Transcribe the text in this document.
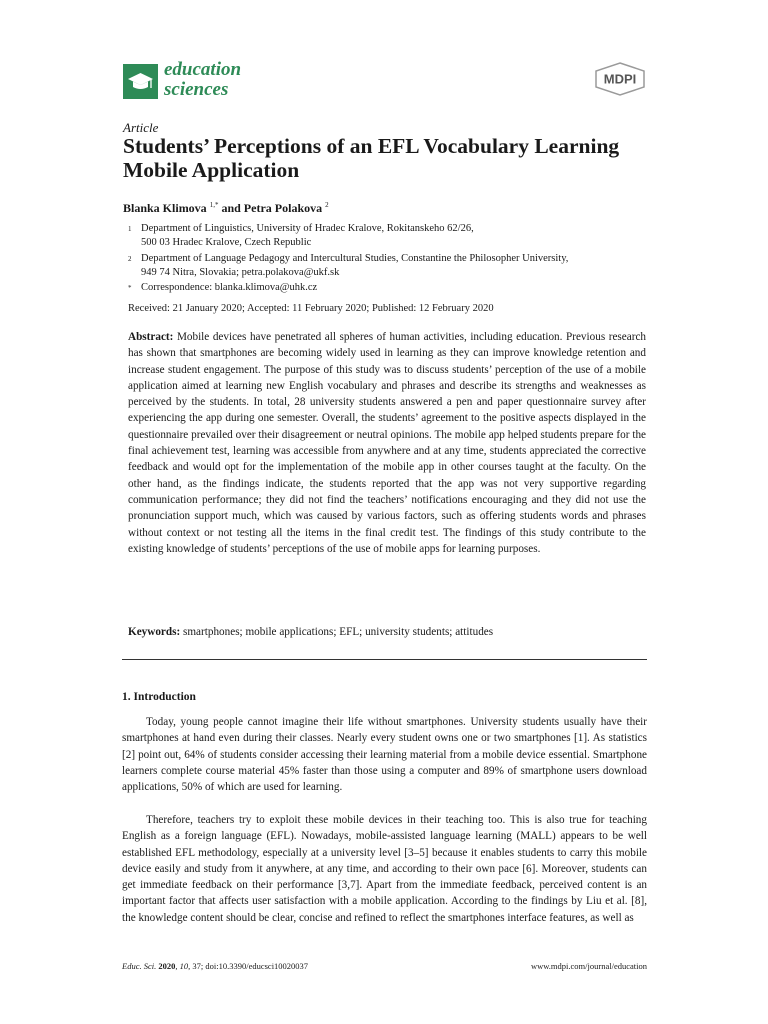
education
sciences	MDPI
Article
Students’ Perceptions of an EFL Vocabulary Learning Mobile Application
Blanka Klimova $^{1,*}$ and Petra Polakova $^2$
1 Department of Linguistics, University of Hradec Kralove, Rokitanskeho 62/26,
500 03 Hradec Kralove, Czech Republic
2 Department of Language Pedagogy and Intercultural Studies, Constantine the Philosopher University,
949 74 Nitra, Slovakia; petra.polakova@ukf.sk
* Correspondence: blanka.klimova@uhk.cz
Received: 21 January 2020; Accepted: 11 February 2020; Published: 12 February 2020
Abstract: Mobile devices have penetrated all spheres of human activities, including education. Previous research has shown that smartphones are becoming widely used in learning as they can improve knowledge retention and increase student engagement. The purpose of this study was to discuss students’ perception of the use of a mobile application aimed at learning new English vocabulary and phrases and describe its strengths and weaknesses as perceived by the students. In total, 28 university students answered a pen and paper questionnaire survey after experiencing the app during one semester. Overall, the students’ agreement to the positive aspects displayed in the questionnaire prevailed over their disagreement or neutral opinions. The mobile app helped students prepare for the final achievement test, learning was accessible from anywhere and at any time, students appreciated the corrective feedback and would opt for the implementation of the mobile app in other courses taught at the faculty. On the other hand, as the findings indicate, the students reported that the app was not very supportive regarding communication performance; they did not find the teachers’ notifications encouraging and they did not use the pronunciation support much, which was caused by various factors, such as offering students words and phrases without context or not testing all the items in the final credit test. The findings of this study contribute to the existing knowledge of students’ perceptions of the use of mobile apps for learning purposes.
Keywords: smartphones; mobile applications; EFL; university students; attitudes
1. Introduction
Today, young people cannot imagine their life without smartphones. University students usually have their smartphones at hand even during their classes. Nearly every student owns one or two smartphones [1]. As statistics [2] point out, 64% of students consider accessing their learning material from a mobile device essential. Smartphone learners complete course material 45% faster than those using a computer and 89% of smartphone users download applications, 50% of which are used for learning.
Therefore, teachers try to exploit these mobile devices in their teaching too. This is also true for teaching English as a foreign language (EFL). Nowadays, mobile-assisted language learning (MALL) appears to be well established EFL methodology, especially at a university level [3–5] because it enables students to carry this mobile device easily and study from it anywhere, at any time, and according to their own pace [6]. Moreover, students can get immediate feedback on their performance [3,7]. Apart from the immediate feedback, perceived content is an important factor that affects user satisfaction with a mobile application. According to the findings by Liu et al. [8], the knowledge content should be clear, concise and refined to reflect the smartphones interface features, as well as
Educ. Sci. 2020, 10, 37; doi:10.3390/educsci10020037	www.mdpi.com/journal/education
